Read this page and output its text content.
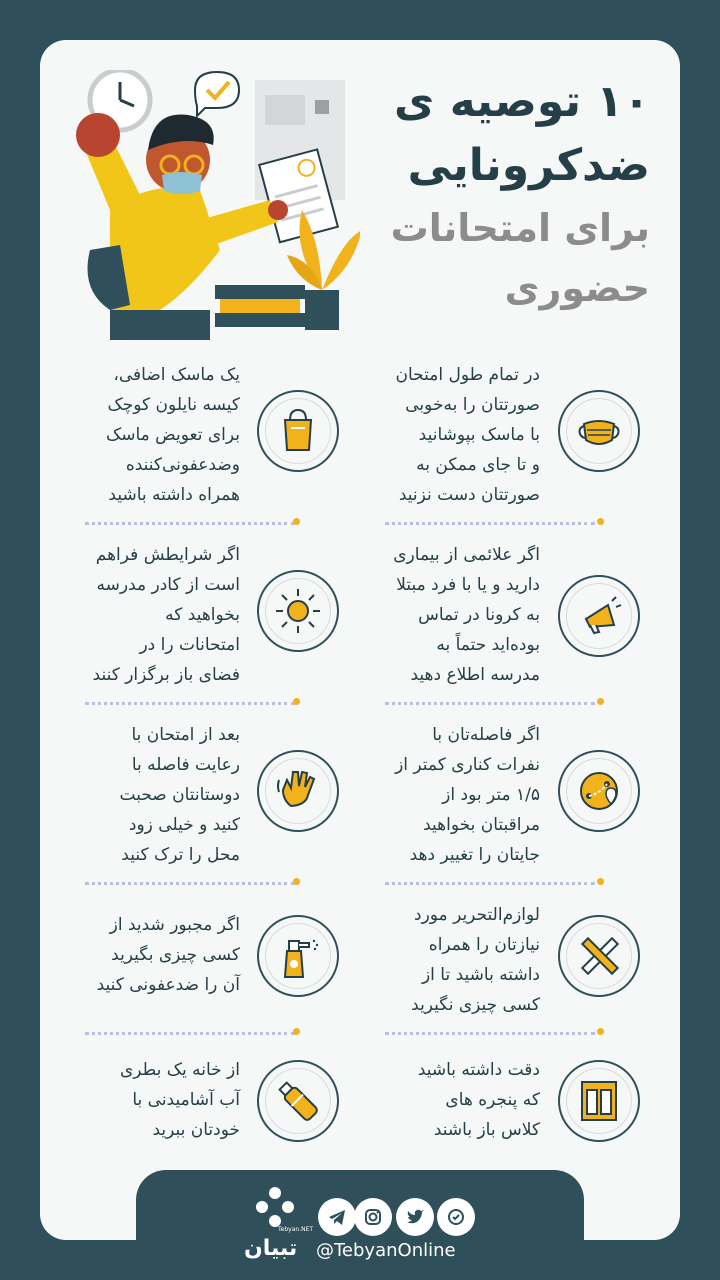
۱۰ توصیه ی
ضدکرونایی
برای امتحانات
حضوری
در تمام طول امتحان
صورتتان را به‌خوبی
با ماسک بپوشانید
و تا جای ممکن به
صورتتان دست نزنید
اگر علائمی از بیماری
دارید و یا با فرد مبتلا
به کرونا در تماس
بوده‌اید حتماً به
مدرسه اطلاع دهید
اگر فاصله‌تان با
نفرات کناری کمتر از
۱/۵ متر بود از
مراقبتان بخواهید
جایتان را تغییر دهد
لوازم‌التحریر مورد
نیازتان را همراه
داشته باشید تا از
کسی چیزی نگیرید
دقت داشته باشید
که پنجره های
کلاس باز باشند
یک ماسک اضافی،
کیسه نایلون کوچک
برای تعویض ماسک
وضدعفونی‌کننده
همراه داشته باشید
اگر شرایطش فراهم
است از کادر مدرسه
بخواهید که
امتحانات را در
فضای باز برگزار کنند
بعد از امتحان با
رعایت فاصله با
دوستانتان صحبت
کنید و خیلی زود
محل را ترک کنید
اگر مجبور شدید از
کسی چیزی بگیرید
آن را ضدعفونی کنید
از خانه یک بطری
آب آشامیدنی با
خودتان ببرید
Tebyan.NET
تبیان @TebyanOnline
